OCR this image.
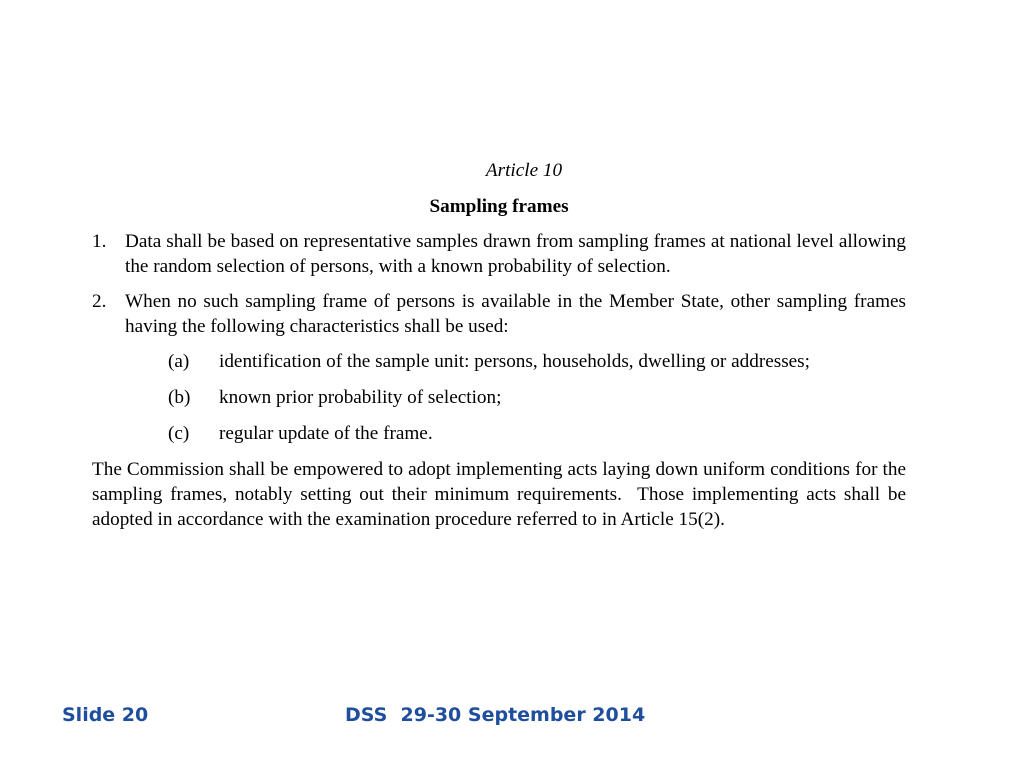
Article 10
Sampling frames
1. Data shall be based on representative samples drawn from sampling frames at national level allowing the random selection of persons, with a known probability of selection.
2. When no such sampling frame of persons is available in the Member State, other sampling frames having the following characteristics shall be used:
(a)	identification of the sample unit: persons, households, dwelling or addresses;
(b)	known prior probability of selection;
(c)	regular update of the frame.

The Commission shall be empowered to adopt implementing acts laying down uniform conditions for the sampling frames, notably setting out their minimum requirements.  Those implementing acts shall be adopted in accordance with the examination procedure referred to in Article 15(2).

Slide 20	DSS  29-30 September 2014
